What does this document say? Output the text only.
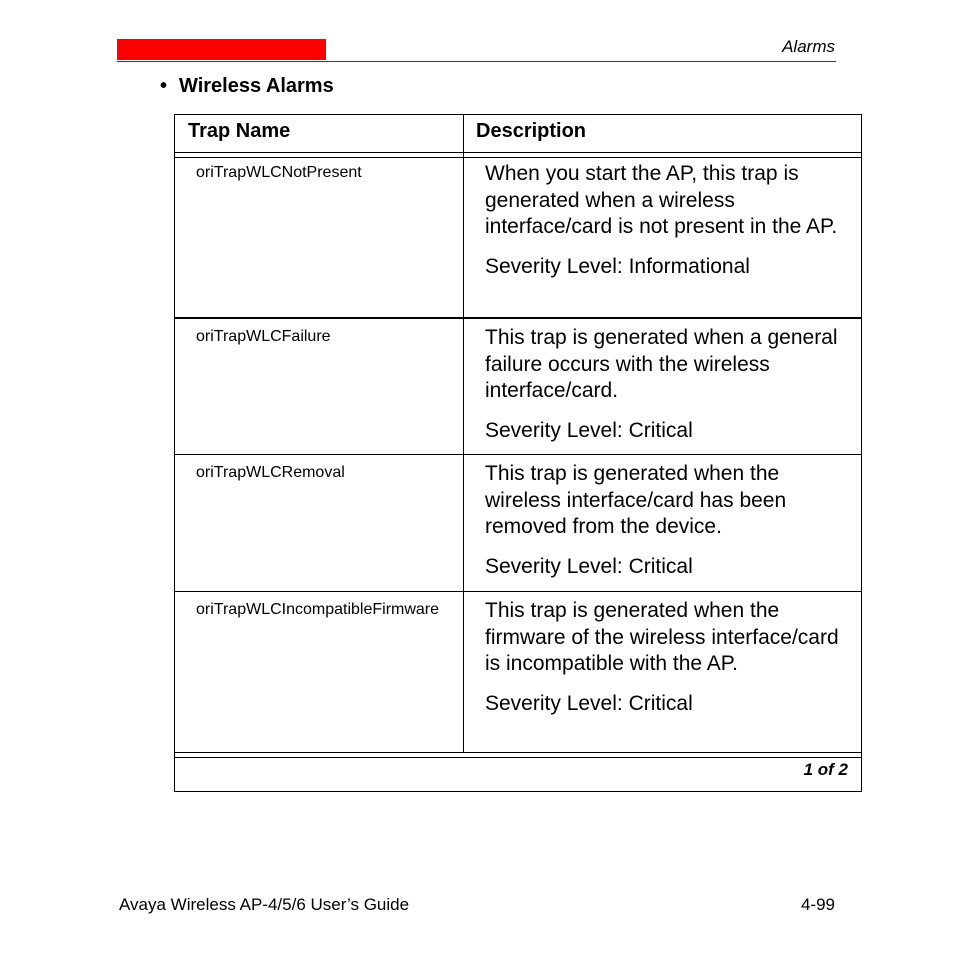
Alarms
• Wireless Alarms
Trap Name	Description
oriTrapWLCNotPresent	When you start the AP, this trap is generated when a wireless interface/card is not present in the AP.

Severity Level: Informational

oriTrapWLCFailure	This trap is generated when a general failure occurs with the wireless interface/card.

Severity Level: Critical

oriTrapWLCRemoval	This trap is generated when the wireless interface/card has been removed from the device.

Severity Level: Critical

oriTrapWLCIncompatibleFirmware	This trap is generated when the firmware of the wireless interface/card is incompatible with the AP.

Severity Level: Critical

1 of 2
Avaya Wireless AP-4/5/6 User’s Guide	4-99
